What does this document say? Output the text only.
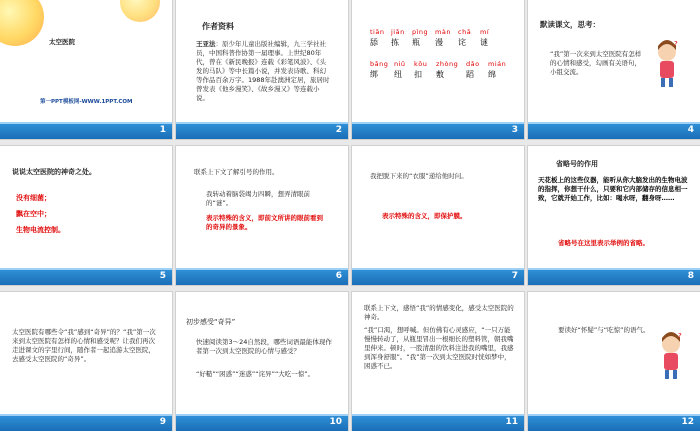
太空医院
第一PPT模板网-WWW.1PPT.COM
1
作者资料
王亚法：原少年儿童出版社编辑，九三学社社员，中国科普作协第一届理事。上世纪80年代，曾在《新民晚报》连载《彩笔风波》、《头发的马队》等中长篇小说，并发表诗歌、科幻等作品百余万字。1988年赴澳洲定居，旅居时曾发表《他乡漫笑》、《故乡漫又》等连载小说。
2
tiān jiǎn pìng màn chā mí
舔 拣 瓶 漫 诧 谜
bǎng niǔ kōu zhòng dǎo mián
绑 纽 扣 敷 蹈 绵
3
默读课文，思考：
“我”第一次来到太空医院有怎样的心情和感受，勾画有关语句，小组交流。
?
4
说说太空医院的神奇之处。
没有细菌；
飘在空中；
生物电流控制。
5
联系上下文了解引号的作用。
我转动着脑袋竭力四瞬，想弄清眼前的“谜”。
表示特殊的含义，即前文所讲的眼前看到的奇异的景象。
6
我把脱下来的“衣服”递给他时问。
表示特殊的含义，即保护膜。
7
省略号的作用
天花板上的这些仪器，能听从你大脑发出的生物电波的指挥，你想干什么，只要和它内部储存的信息相一致，它就开始工作，比如：喝水呀，翻身呀……
省略号在这里表示举例的省略。
8
太空医院有哪些令“我”感到“奇异”的？“我”第一次来到太空医院有怎样的心情和感受呢？让我们再次走进课文的字里行间，随作者一起追游太空医院，去感受太空医院的“奇异”。
9
初步感受“奇异”
快速阅读第3～24自然段，哪些词语最能体现作者第一次到太空医院的心情与感受？
“好糙”“困惑”“迷惑”“诧异”“大吃一惊”。
10
联系上下文，感悟“我”的情感变化，感受太空医院的神奇。
“我”口渴，想呼喊。但仿佛有心灵感应，“一只万能慢慢转动了，从瓶里冒出一根细长的塑料管，朝我嘴里伸来。顿时，一股清甜的饮料注进我的嘴里，我感到浑身舒服”。“我”第一次到太空医院时恍如梦中，困惑不已。
11
要读好“怀疑”与“吃惊”的语气。
?
12
